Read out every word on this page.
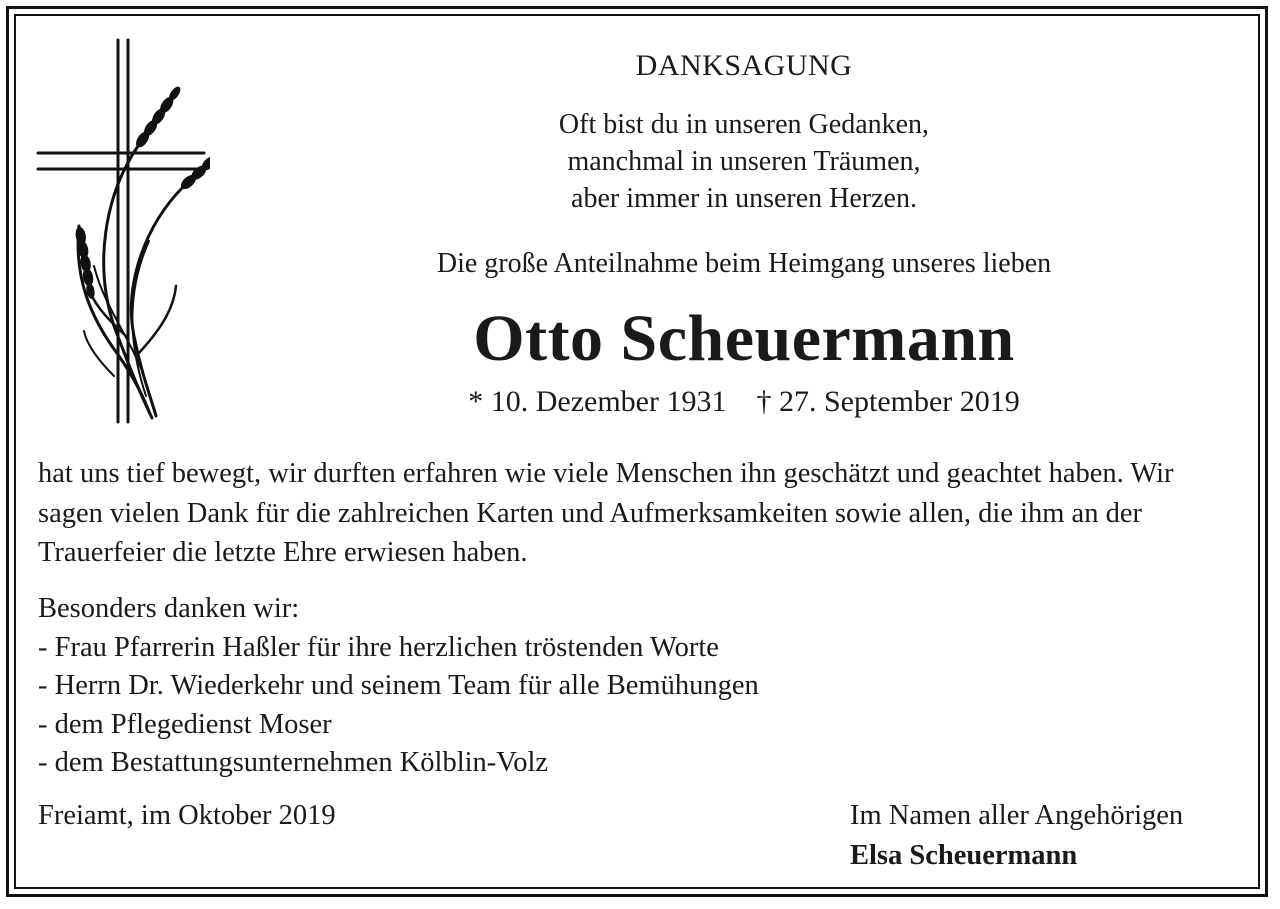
DANKSAGUNG
Oft bist du in unseren Gedanken,
manchmal in unseren Träumen,
aber immer in unseren Herzen.
Die große Anteilnahme beim Heimgang unseres lieben
Otto Scheuermann
* 10. Dezember 1931 † 27. September 2019
hat uns tief bewegt, wir durften erfahren wie viele Menschen ihn geschätzt und geachtet haben. Wir sagen vielen Dank für die zahlreichen Karten und Aufmerksamkeiten sowie allen, die ihm an der Trauerfeier die letzte Ehre erwiesen haben.
Besonders danken wir:
- Frau Pfarrerin Haßler für ihre herzlichen tröstenden Worte
- Herrn Dr. Wiederkehr und seinem Team für alle Bemühungen
- dem Pflegedienst Moser
- dem Bestattungsunternehmen Kölblin-Volz
Freiamt, im Oktober 2019	Im Namen aller Angehörigen
Elsa Scheuermann
